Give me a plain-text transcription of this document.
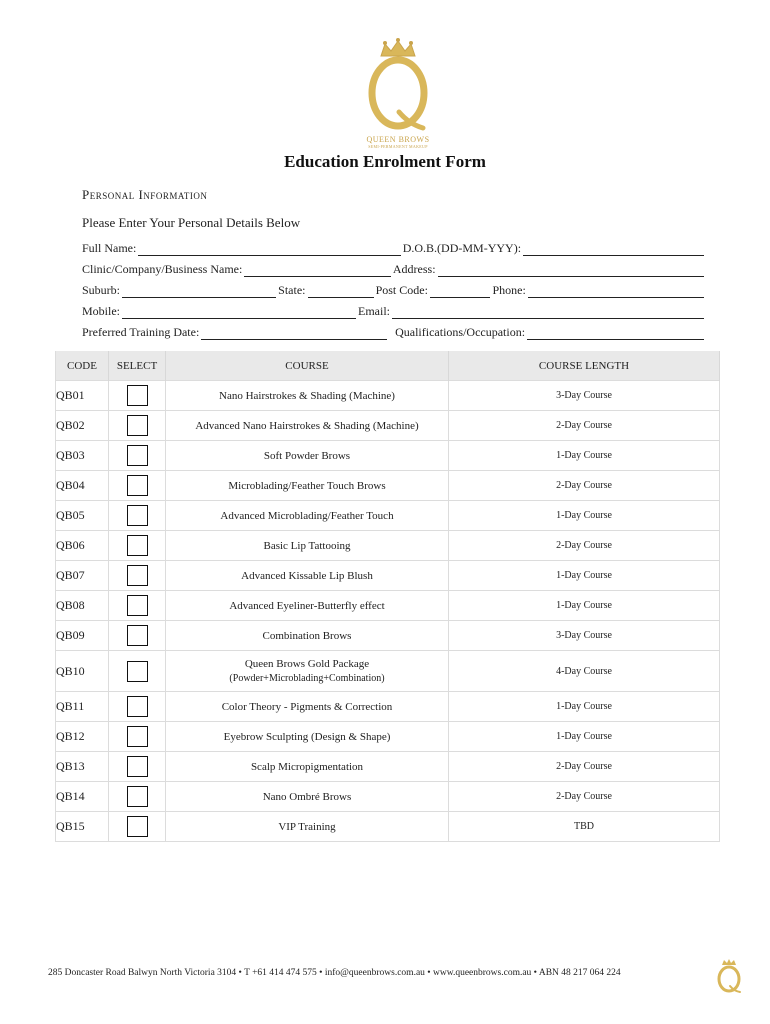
QUEEN BROWS
SEMI-PERMANENT MAKEUP
Education Enrolment Form
Personal Information
Please Enter Your Personal Details Below
Full Name:	D.O.B.(DD-MM-YYY):
Clinic/Company/Business Name:	Address:
Suburb:	State:	Post Code:	Phone:
Mobile:	Email:
Preferred Training Date:	Qualifications/Occupation:
CODE	SELECT	COURSE	COURSE LENGTH
QB01		Nano Hairstrokes & Shading (Machine)	3-Day Course
QB02		Advanced Nano Hairstrokes & Shading (Machine)	2-Day Course
QB03		Soft Powder Brows	1-Day Course
QB04		Microblading/Feather Touch Brows	2-Day Course
QB05		Advanced Microblading/Feather Touch	1-Day Course
QB06		Basic Lip Tattooing	2-Day Course
QB07		Advanced Kissable Lip Blush	1-Day Course
QB08		Advanced Eyeliner-Butterfly effect	1-Day Course
QB09		Combination Brows	3-Day Course
QB10		Queen Brows Gold Package
(Powder+Microblading+Combination)	4-Day Course
QB11		Color Theory - Pigments & Correction	1-Day Course
QB12		Eyebrow Sculpting (Design & Shape)	1-Day Course
QB13		Scalp Micropigmentation	2-Day Course
QB14		Nano Ombré Brows	2-Day Course
QB15		VIP Training	TBD
285 Doncaster Road Balwyn North Victoria 3104 • T +61 414 474 575 • info@queenbrows.com.au • www.queenbrows.com.au • ABN 48 217 064 224
